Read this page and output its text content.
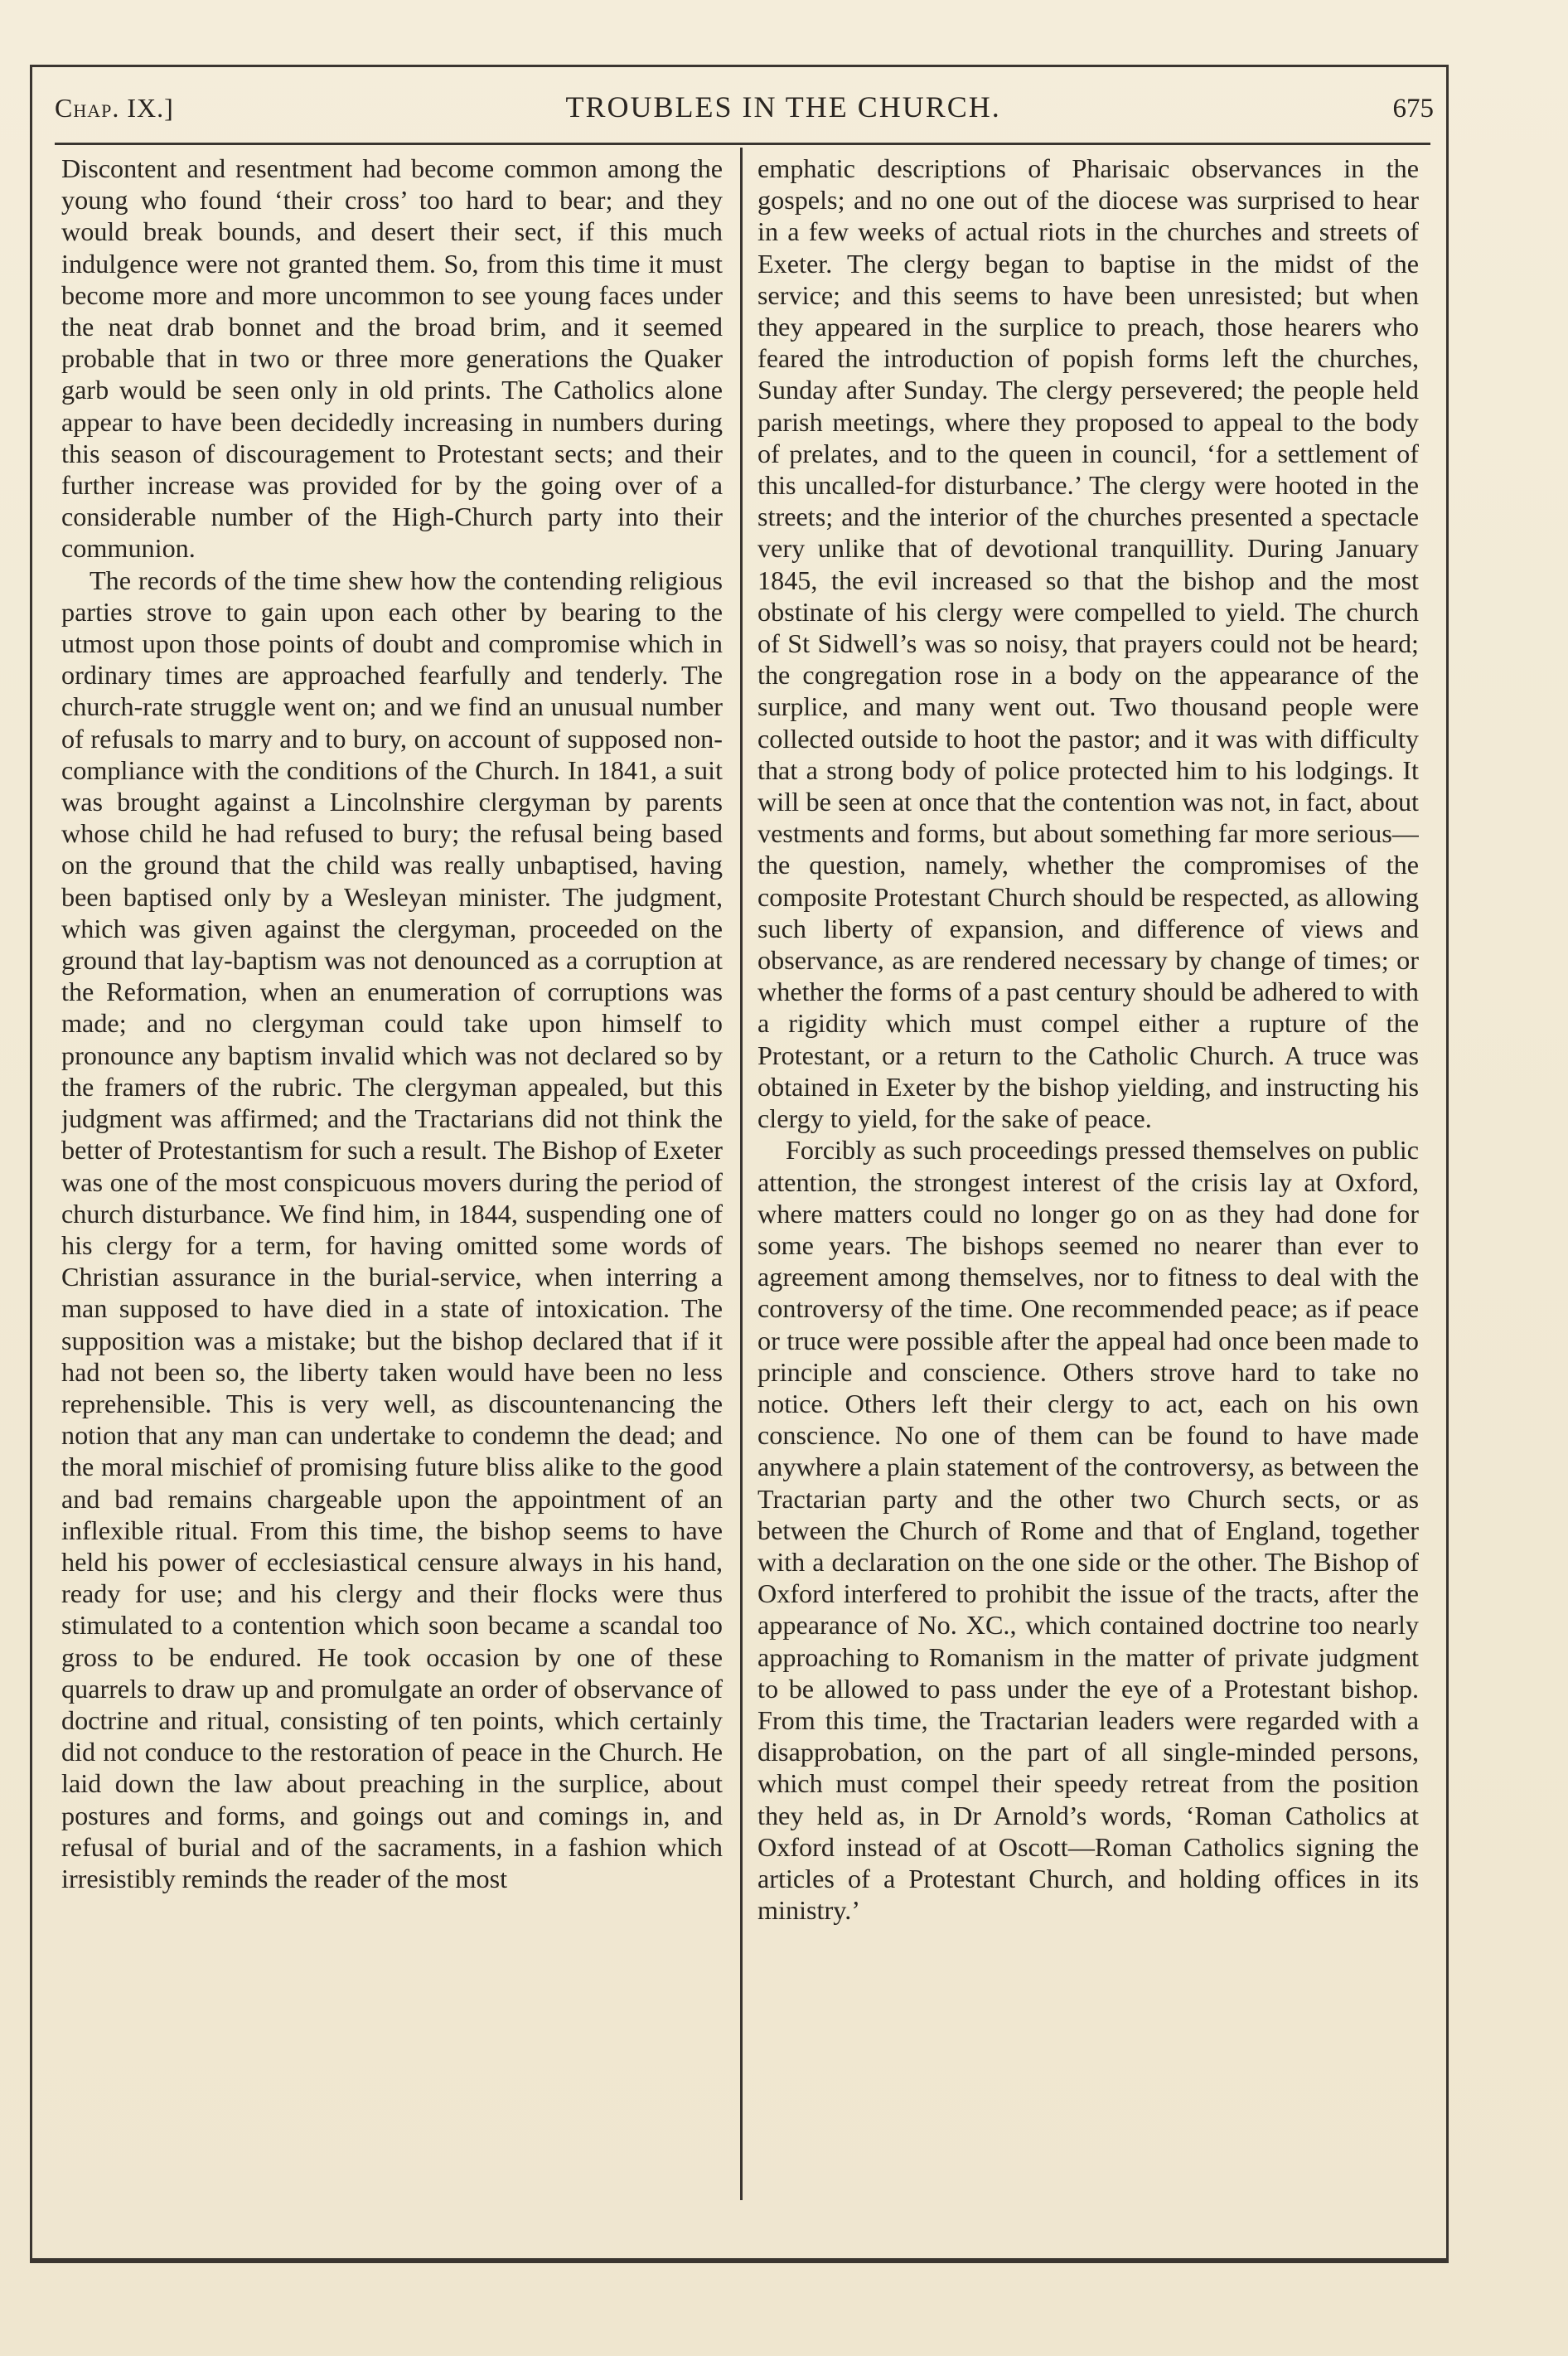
Chap. IX.]	TROUBLES IN THE CHURCH.	675

Discontent and resentment had become common among the young who found ‘their cross’ too hard to bear; and they would break bounds, and desert their sect, if this much indulgence were not granted them. So, from this time it must become more and more uncommon to see young faces under the neat drab bonnet and the broad brim, and it seemed probable that in two or three more generations the Quaker garb would be seen only in old prints. The Catholics alone appear to have been decidedly increasing in numbers during this season of discouragement to Protestant sects; and their further increase was provided for by the going over of a considerable number of the High-Church party into their communion.

The records of the time shew how the contending religious parties strove to gain upon each other by bearing to the utmost upon those points of doubt and compromise which in ordinary times are approached fearfully and tenderly. The church-rate struggle went on; and we find an unusual number of refusals to marry and to bury, on account of supposed non-compliance with the conditions of the Church. In 1841, a suit was brought against a Lincolnshire clergyman by parents whose child he had refused to bury; the refusal being based on the ground that the child was really unbaptised, having been baptised only by a Wesleyan minister. The judgment, which was given against the clergyman, proceeded on the ground that lay-baptism was not denounced as a corruption at the Reformation, when an enumeration of corruptions was made; and no clergyman could take upon himself to pronounce any baptism invalid which was not declared so by the framers of the rubric. The clergyman appealed, but this judgment was affirmed; and the Tractarians did not think the better of Protestantism for such a result. The Bishop of Exeter was one of the most conspicuous movers during the period of church disturbance. We find him, in 1844, suspending one of his clergy for a term, for having omitted some words of Christian assurance in the burial-service, when interring a man supposed to have died in a state of intoxication. The supposition was a mistake; but the bishop declared that if it had not been so, the liberty taken would have been no less reprehensible. This is very well, as discountenancing the notion that any man can undertake to condemn the dead; and the moral mischief of promising future bliss alike to the good and bad remains chargeable upon the appointment of an inflexible ritual. From this time, the bishop seems to have held his power of ecclesiastical censure always in his hand, ready for use; and his clergy and their flocks were thus stimulated to a contention which soon became a scandal too gross to be endured. He took occasion by one of these quarrels to draw up and promulgate an order of observance of doctrine and ritual, consisting of ten points, which certainly did not conduce to the restoration of peace in the Church. He laid down the law about preaching in the surplice, about postures and forms, and goings out and comings in, and refusal of burial and of the sacraments, in a fashion which irresistibly reminds the reader of the most

emphatic descriptions of Pharisaic observances in the gospels; and no one out of the diocese was surprised to hear in a few weeks of actual riots in the churches and streets of Exeter. The clergy began to baptise in the midst of the service; and this seems to have been unresisted; but when they appeared in the surplice to preach, those hearers who feared the introduction of popish forms left the churches, Sunday after Sunday. The clergy persevered; the people held parish meetings, where they proposed to appeal to the body of prelates, and to the queen in council, ‘for a settlement of this uncalled-for disturbance.’ The clergy were hooted in the streets; and the interior of the churches presented a spectacle very unlike that of devotional tranquillity. During January 1845, the evil increased so that the bishop and the most obstinate of his clergy were compelled to yield. The church of St Sidwell’s was so noisy, that prayers could not be heard; the congregation rose in a body on the appearance of the surplice, and many went out. Two thousand people were collected outside to hoot the pastor; and it was with difficulty that a strong body of police protected him to his lodgings. It will be seen at once that the contention was not, in fact, about vestments and forms, but about something far more serious—the question, namely, whether the compromises of the composite Protestant Church should be respected, as allowing such liberty of expansion, and difference of views and observance, as are rendered necessary by change of times; or whether the forms of a past century should be adhered to with a rigidity which must compel either a rupture of the Protestant, or a return to the Catholic Church. A truce was obtained in Exeter by the bishop yielding, and instructing his clergy to yield, for the sake of peace.

Forcibly as such proceedings pressed themselves on public attention, the strongest interest of the crisis lay at Oxford, where matters could no longer go on as they had done for some years. The bishops seemed no nearer than ever to agreement among themselves, nor to fitness to deal with the controversy of the time. One recommended peace; as if peace or truce were possible after the appeal had once been made to principle and conscience. Others strove hard to take no notice. Others left their clergy to act, each on his own conscience. No one of them can be found to have made anywhere a plain statement of the controversy, as between the Tractarian party and the other two Church sects, or as between the Church of Rome and that of England, together with a declaration on the one side or the other. The Bishop of Oxford interfered to prohibit the issue of the tracts, after the appearance of No. XC., which contained doctrine too nearly approaching to Romanism in the matter of private judgment to be allowed to pass under the eye of a Protestant bishop. From this time, the Tractarian leaders were regarded with a disapprobation, on the part of all single-minded persons, which must compel their speedy retreat from the position they held as, in Dr Arnold’s words, ‘Roman Catholics at Oxford instead of at Oscott—Roman Catholics signing the articles of a Protestant Church, and holding offices in its ministry.’
